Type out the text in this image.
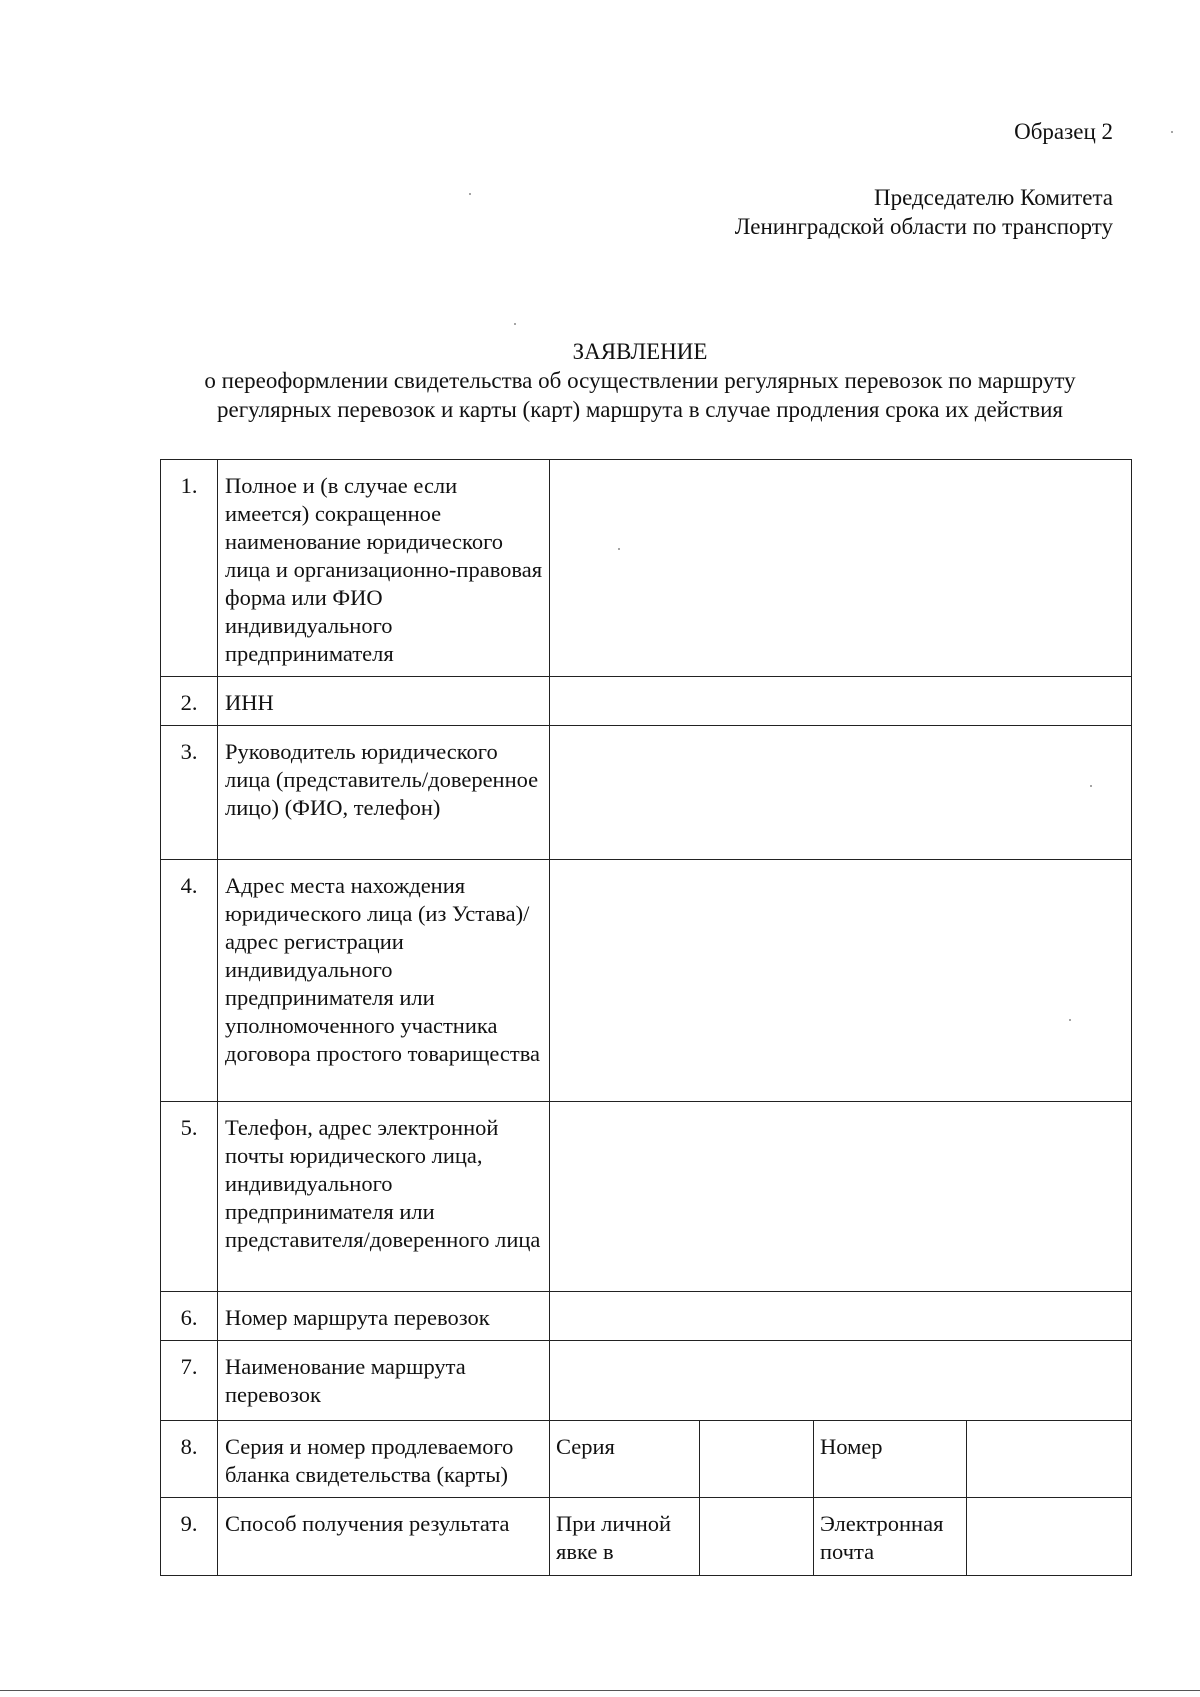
Образец 2
Председателю Комитета
Ленинградской области по транспорту
ЗАЯВЛЕНИЕ
о переоформлении свидетельства об осуществлении регулярных перевозок по маршруту
регулярных перевозок и карты (карт) маршрута в случае продления срока их действия
1.	Полное и (в случае если имеется) сокращенное наименование юридического лица и организационно-правовая форма или ФИО индивидуального предпринимателя				
2.	ИНН				
3.	Руководитель юридического лица (представитель/доверенное лицо) (ФИО, телефон)				
4.	Адрес места нахождения юридического лица (из Устава)/адрес регистрации индивидуального предпринимателя или уполномоченного участника договора простого товарищества				
5.	Телефон, адрес электронной почты юридического лица, индивидуального предпринимателя или представителя/доверенного лица				
6.	Номер маршрута перевозок				
7.	Наименование маршрута перевозок				
8.	Серия и номер продлеваемого бланка свидетельства (карты)	Серия		Номер	
9.	Способ получения результата	При личной явке в		Электронная почта	
